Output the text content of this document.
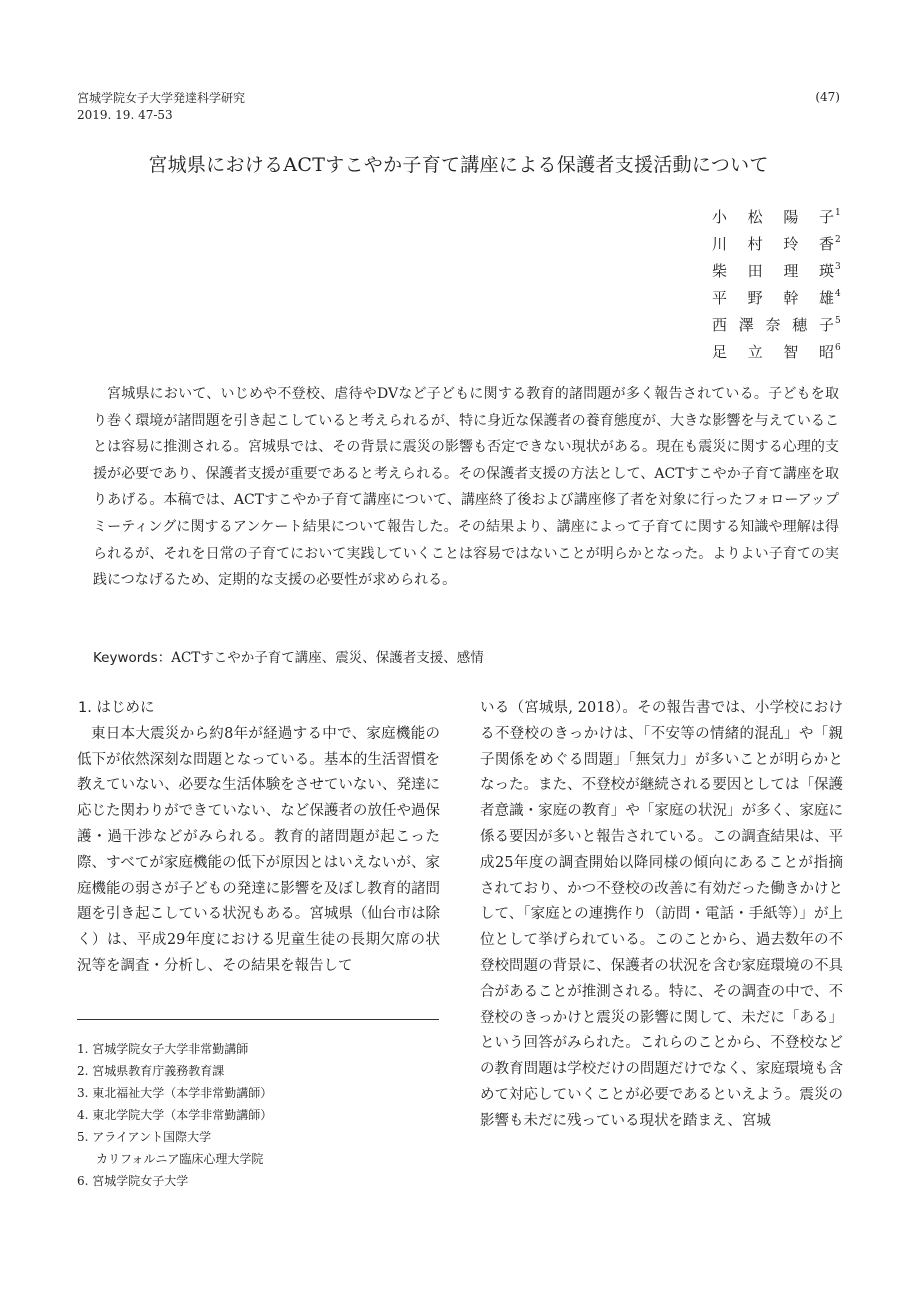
宮城学院女子大学発達科学研究
2019. 19. 47-53
(47)
宮城県におけるACTすこやか子育て講座による保護者支援活動について
小松陽子$^1$
川村玲香$^2$
柴田理瑛$^3$
平野幹雄$^4$
西澤奈穂子$^5$
足立智昭$^6$

宮城県において、いじめや不登校、虐待やDVなど子どもに関する教育的諸問題が多く報告されている。子どもを取り巻く環境が諸問題を引き起こしていると考えられるが、特に身近な保護者の養育態度が、大きな影響を与えていることは容易に推測される。宮城県では、その背景に震災の影響も否定できない現状がある。現在も震災に関する心理的支援が必要であり、保護者支援が重要であると考えられる。その保護者支援の方法として、ACTすこやか子育て講座を取りあげる。本稿では、ACTすこやか子育て講座について、講座終了後および講座修了者を対象に行ったフォローアップミーティングに関するアンケート結果について報告した。その結果より、講座によって子育てに関する知識や理解は得られるが、それを日常の子育てにおいて実践していくことは容易ではないことが明らかとなった。よりよい子育ての実践につなげるため、定期的な支援の必要性が求められる。

Keywords：ACTすこやか子育て講座、震災、保護者支援、感情
1. はじめに

東日本大震災から約8年が経過する中で、家庭機能の低下が依然深刻な問題となっている。基本的生活習慣を教えていない、必要な生活体験をさせていない、発達に応じた関わりができていない、など保護者の放任や過保護・過干渉などがみられる。教育的諸問題が起こった際、すべてが家庭機能の低下が原因とはいえないが、家庭機能の弱さが子どもの発達に影響を及ぼし教育的諸問題を引き起こしている状況もある。宮城県（仙台市は除く）は、平成29年度における児童生徒の長期欠席の状況等を調査・分析し、その結果を報告して

いる（宮城県, 2018）。その報告書では、小学校における不登校のきっかけは、「不安等の情緒的混乱」や「親子関係をめぐる問題」「無気力」が多いことが明らかとなった。また、不登校が継続される要因としては「保護者意識・家庭の教育」や「家庭の状況」が多く、家庭に係る要因が多いと報告されている。この調査結果は、平成25年度の調査開始以降同様の傾向にあることが指摘されており、かつ不登校の改善に有効だった働きかけとして、「家庭との連携作り（訪問・電話・手紙等）」が上位として挙げられている。このことから、過去数年の不登校問題の背景に、保護者の状況を含む家庭環境の不具合があることが推測される。特に、その調査の中で、不登校のきっかけと震災の影響に関して、未だに「ある」という回答がみられた。これらのことから、不登校などの教育問題は学校だけの問題だけでなく、家庭環境も含めて対応していくことが必要であるといえよう。震災の影響も未だに残っている現状を踏まえ、宮城

1. 宮城学院女子大学非常勤講師
2. 宮城県教育庁義務教育課
3. 東北福祉大学（本学非常勤講師）
4. 東北学院大学（本学非常勤講師）
5. アライアント国際大学
カリフォルニア臨床心理大学院
6. 宮城学院女子大学
